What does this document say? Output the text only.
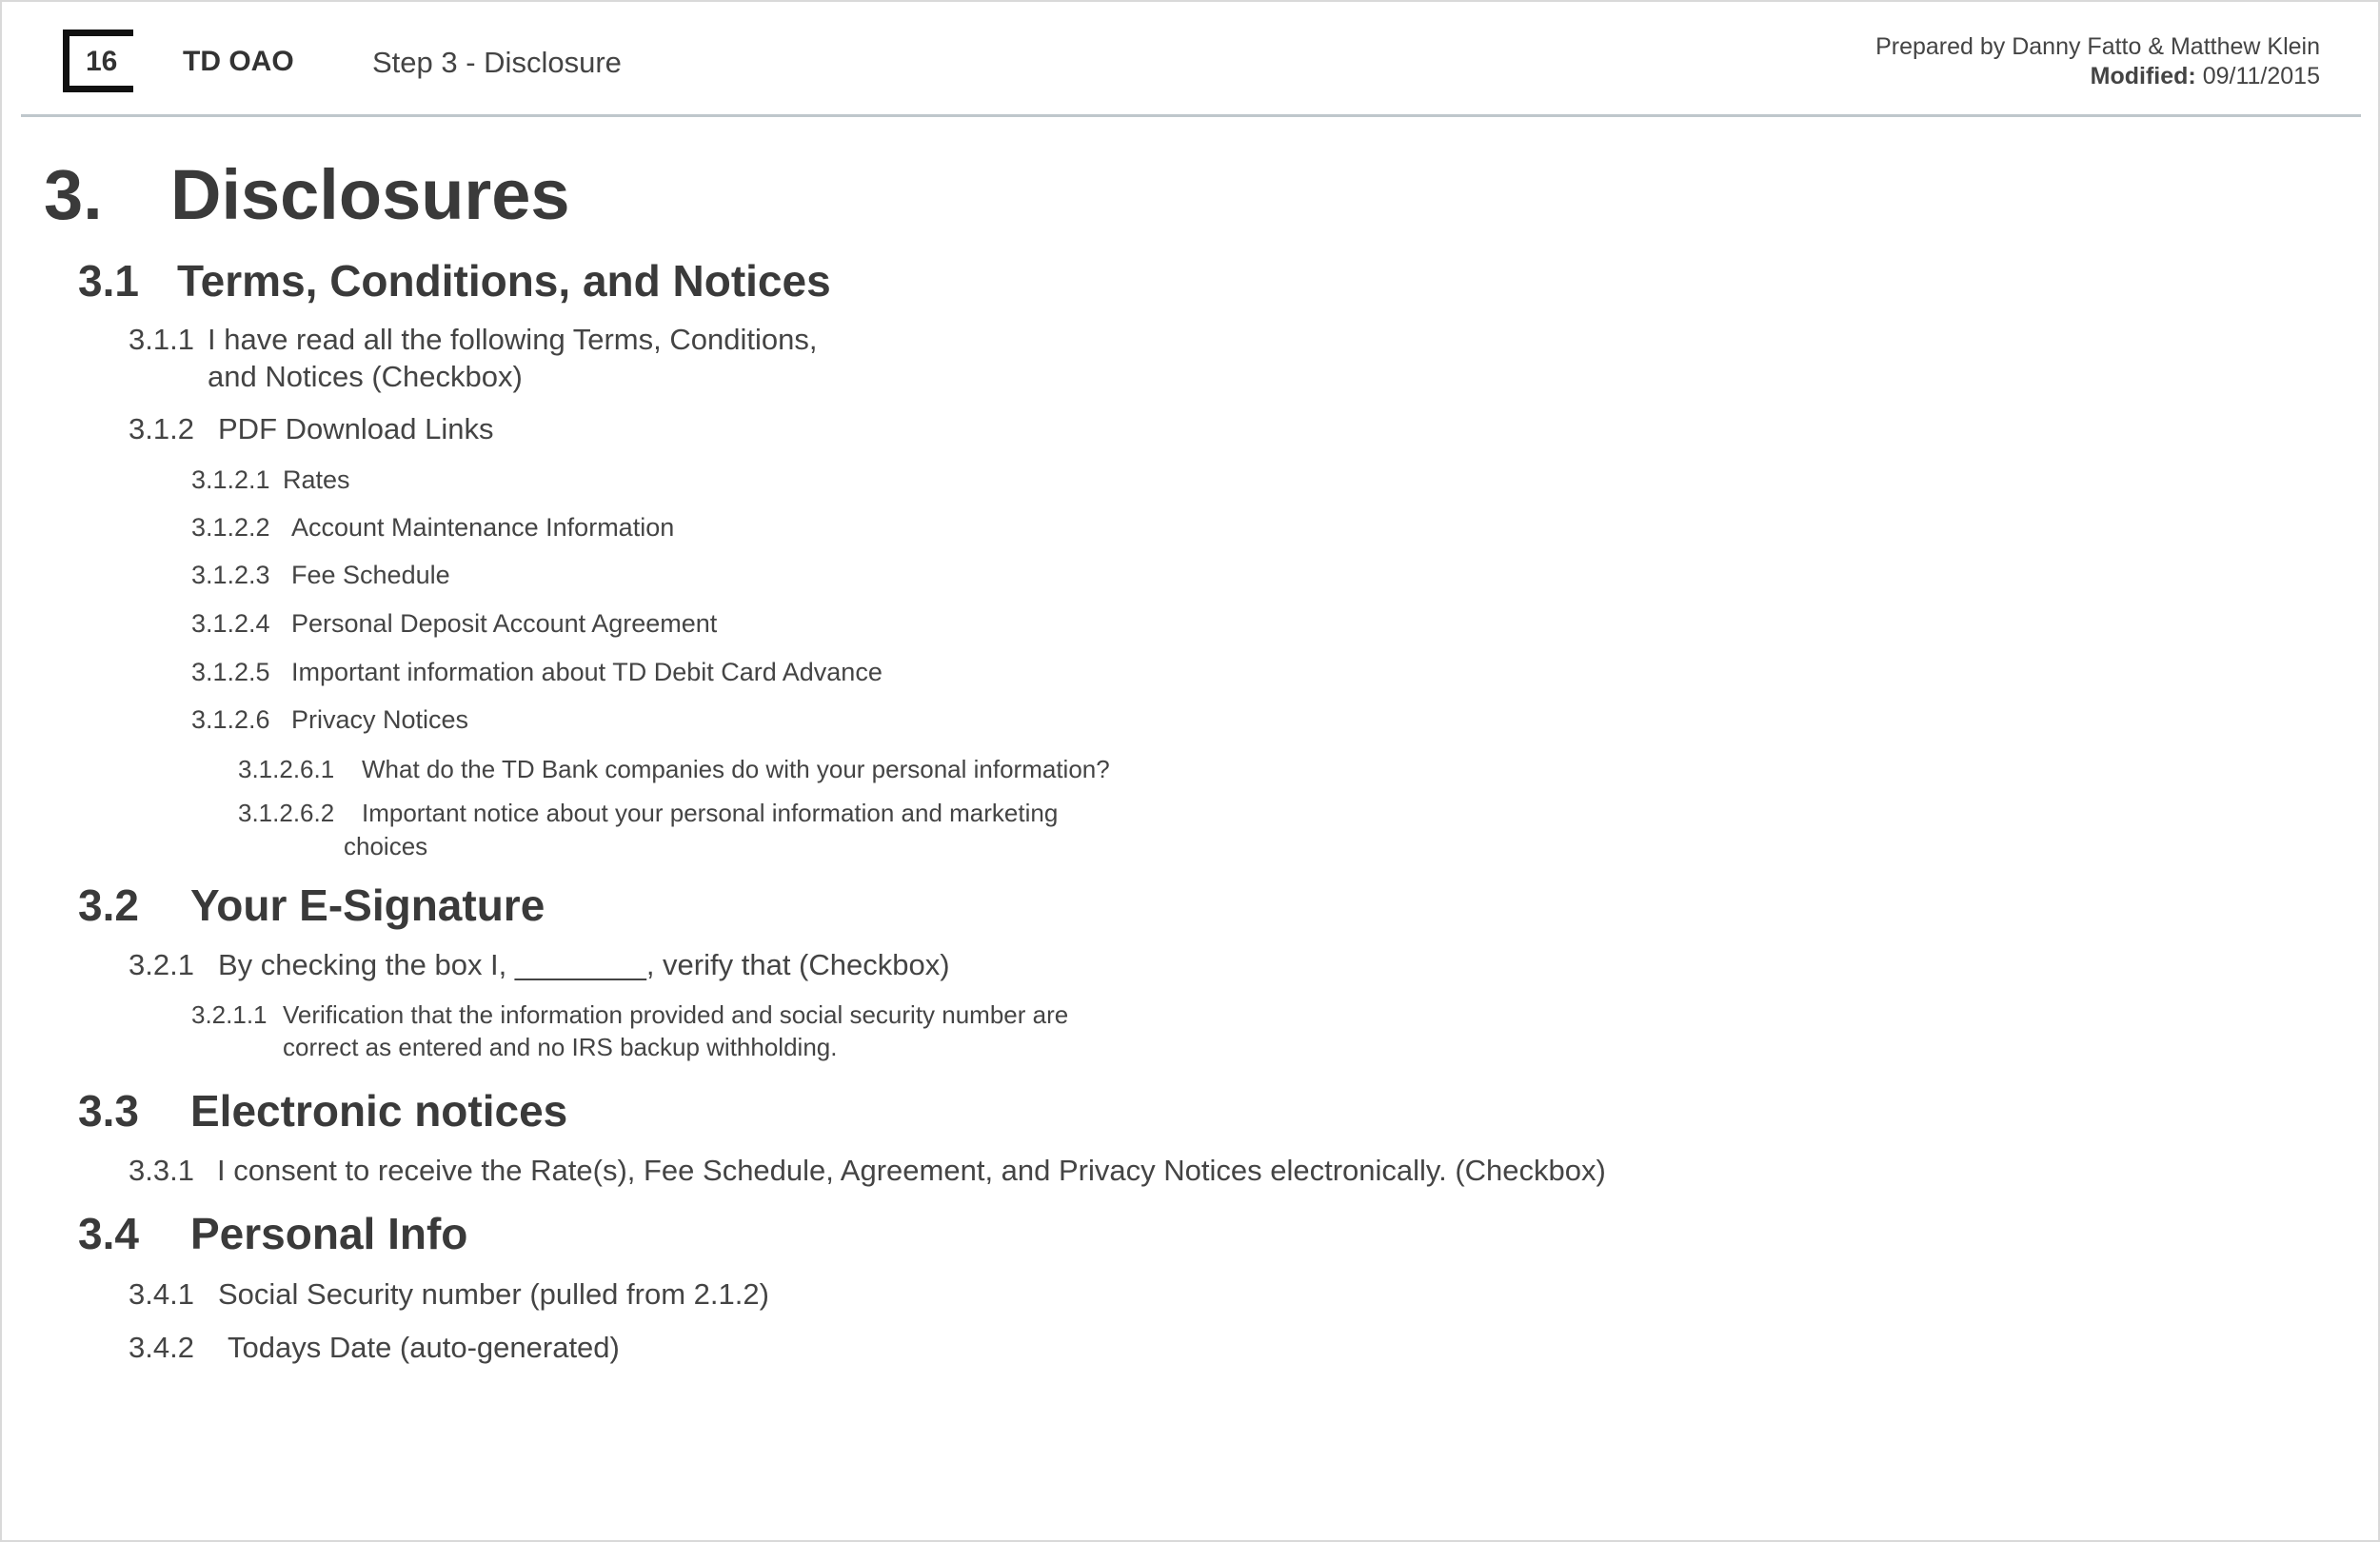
16 TD OAO	Step 3 - Disclosure	Prepared by Danny Fatto & Matthew Klein
Modified: 09/11/2015
3. Disclosures
3.1 Terms, Conditions, and Notices
3.1.1 I have read all the following Terms, Conditions,
and Notices (Checkbox)
3.1.2 PDF Download Links
3.1.2.1 Rates
3.1.2.2 Account Maintenance Information
3.1.2.3 Fee Schedule
3.1.2.4 Personal Deposit Account Agreement
3.1.2.5 Important information about TD Debit Card Advance
3.1.2.6 Privacy Notices
3.1.2.6.1 What do the TD Bank companies do with your personal information?
3.1.2.6.2 Important notice about your personal information and marketing
choices
3.2 Your E-Signature
3.2.1 By checking the box I, ________, verify that (Checkbox)
3.2.1.1 Verification that the information provided and social security number are
correct as entered and no IRS backup withholding.
3.3 Electronic notices
3.3.1 I consent to receive the Rate(s), Fee Schedule, Agreement, and Privacy Notices electronically. (Checkbox)
3.4 Personal Info
3.4.1 Social Security number (pulled from 2.1.2)
3.4.2 Todays Date (auto-generated)
